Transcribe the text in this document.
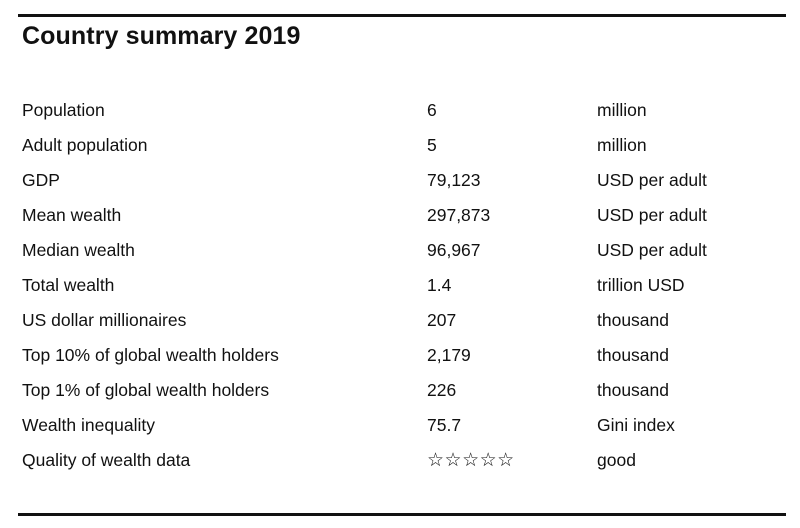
Country summary 2019
Population	6	million
Adult population	5	million
GDP	79,123	USD per adult
Mean wealth	297,873	USD per adult
Median wealth	96,967	USD per adult
Total wealth	1.4	trillion USD
US dollar millionaires	207	thousand
Top 10% of global wealth holders	2,179	thousand
Top 1% of global wealth holders	226	thousand
Wealth inequality	75.7	Gini index
Quality of wealth data	☆☆☆☆☆	good
